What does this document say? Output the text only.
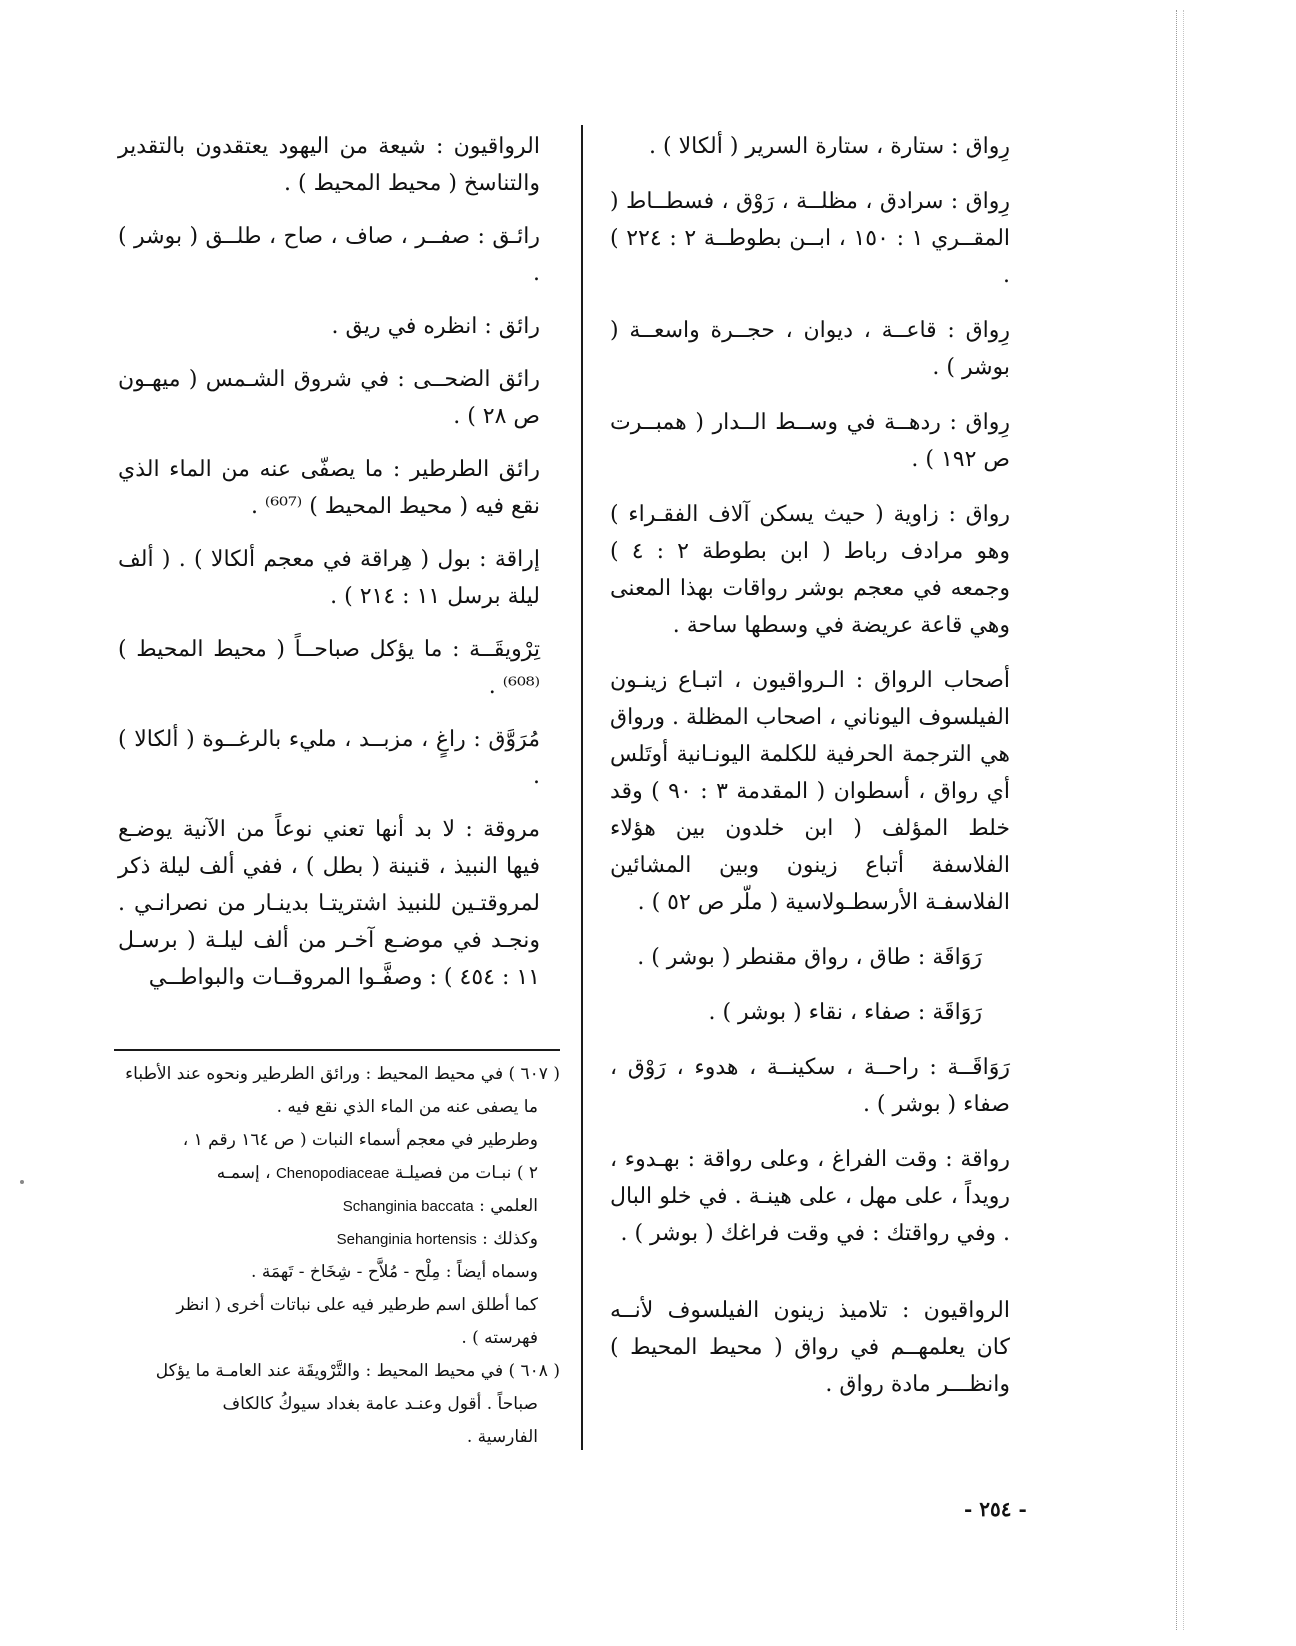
رِواق : ستارة ، ستارة السرير ( ألكالا ) .

رِواق : سرادق ، مظلــة ، رَوْق ، فسطــاط ( المقــري ١ : ١٥٠ ، ابــن بطوطــة ٢ : ٢٢٤ ) .

رِواق : قاعــة ، ديوان ، حجــرة واسعــة ( بوشر ) .

رِواق : ردهــة في وســط الــدار ( همبــرت ص ١٩٢ ) .

رواق : زاوية ( حيث يسكن آلاف الفقـراء ) وهو مرادف رباط ( ابن بطوطة ٢ : ٤ ) وجمعه في معجم بوشر رواقات بهذا المعنى وهي قاعة عريضة في وسطها ساحة .

أصحاب الرواق : الـرواقيون ، اتبـاع زينـون الفيلسوف اليوناني ، اصحاب المظلة . ورواق هي الترجمة الحرفية للكلمة اليونـانية أوتَلس أي رواق ، أسطوان ( المقدمة ٣ : ٩٠ ) وقد خلط المؤلف ( ابن خلدون بين هؤلاء الفلاسفة أتباع زينون وبين المشائين الفلاسفـة الأرسطـولاسية ( ملّر ص ٥٢ ) .

رَوَاقَة : طاق ، رواق مقنطر ( بوشر ) .

رَوَاقَة : صفاء ، نقاء ( بوشر ) .

رَوَاقَــة : راحــة ، سكينــة ، هدوء ، رَوْق ، صفاء ( بوشر ) .

رواقة : وقت الفراغ ، وعلى رواقة : بهـدوء ، رويداً ، على مهل ، على هينـة . في خلو البال . وفي رواقتك : في وقت فراغك ( بوشر ) .

الرواقيون : تلاميذ زينون الفيلسوف لأنــه كان يعلمهــم في رواق ( محيط المحيط ) وانظـــر مادة رواق .

الرواقيون : شيعة من اليهود يعتقدون بالتقدير والتناسخ ( محيط المحيط ) .

رائـق : صفــر ، صاف ، صاح ، طلــق ( بوشر ) .

رائق : انظره في ريق .

رائق الضحــى : في شروق الشـمس ( ميهـون ص ٢٨ ) .

رائق الطرطير : ما يصفّى عنه من الماء الذي نقع فيه ( محيط المحيط ) ⁽⁶⁰⁷⁾ .

إراقة : بول ( هِراقة في معجم ألكالا ) . ( ألف ليلة برسل ١١ : ٢١٤ ) .

تِرْويقَــة : ما يؤكل صباحــاً ( محيط المحيط ) ⁽⁶⁰⁸⁾ .

مُرَوَّق : راغٍ ، مزبــد ، مليء بالرغــوة ( ألكالا ) .

مروقة : لا بد أنها تعني نوعاً من الآنية يوضـع فيها النبيذ ، قنينة ( بطل ) ، ففي ألف ليلة ذكر لمروقتـين للنبيذ اشتريتـا بدينـار من نصرانـي . ونجـد في موضـع آخـر من ألف ليلـة ( برسـل ١١ : ٤٥٤ ) : وصفَّـوا المروقــات والبواطــي

( ٦٠٧ ) في محيط المحيط : ورائق الطرطير ونحوه عند الأطباء
ما يصفى عنه من الماء الذي نقع فيه .
وطرطير في معجم أسماء النبات ( ص ١٦٤ رقم ١ ،
٢ ) نبـات من فصيلـة Chenopodiaceae ، إسمـه
العلمي : Schanginia baccata
وكذلك : Sehanginia hortensis
وسماه أيضاً : مِلْح - مُلاَّح - شِخَاخ - تَهمَة .
كما أطلق اسم طرطير فيه على نباتات أخرى ( انظر
فهرسته ) .
( ٦٠٨ ) في محيط المحيط : والتَّرْويقَة عند العامـة ما يؤكل
صباحاً . أقول وعنـد عامة بغداد سيوكُ كالكاف
الفارسية .
- ٢٥٤ -
